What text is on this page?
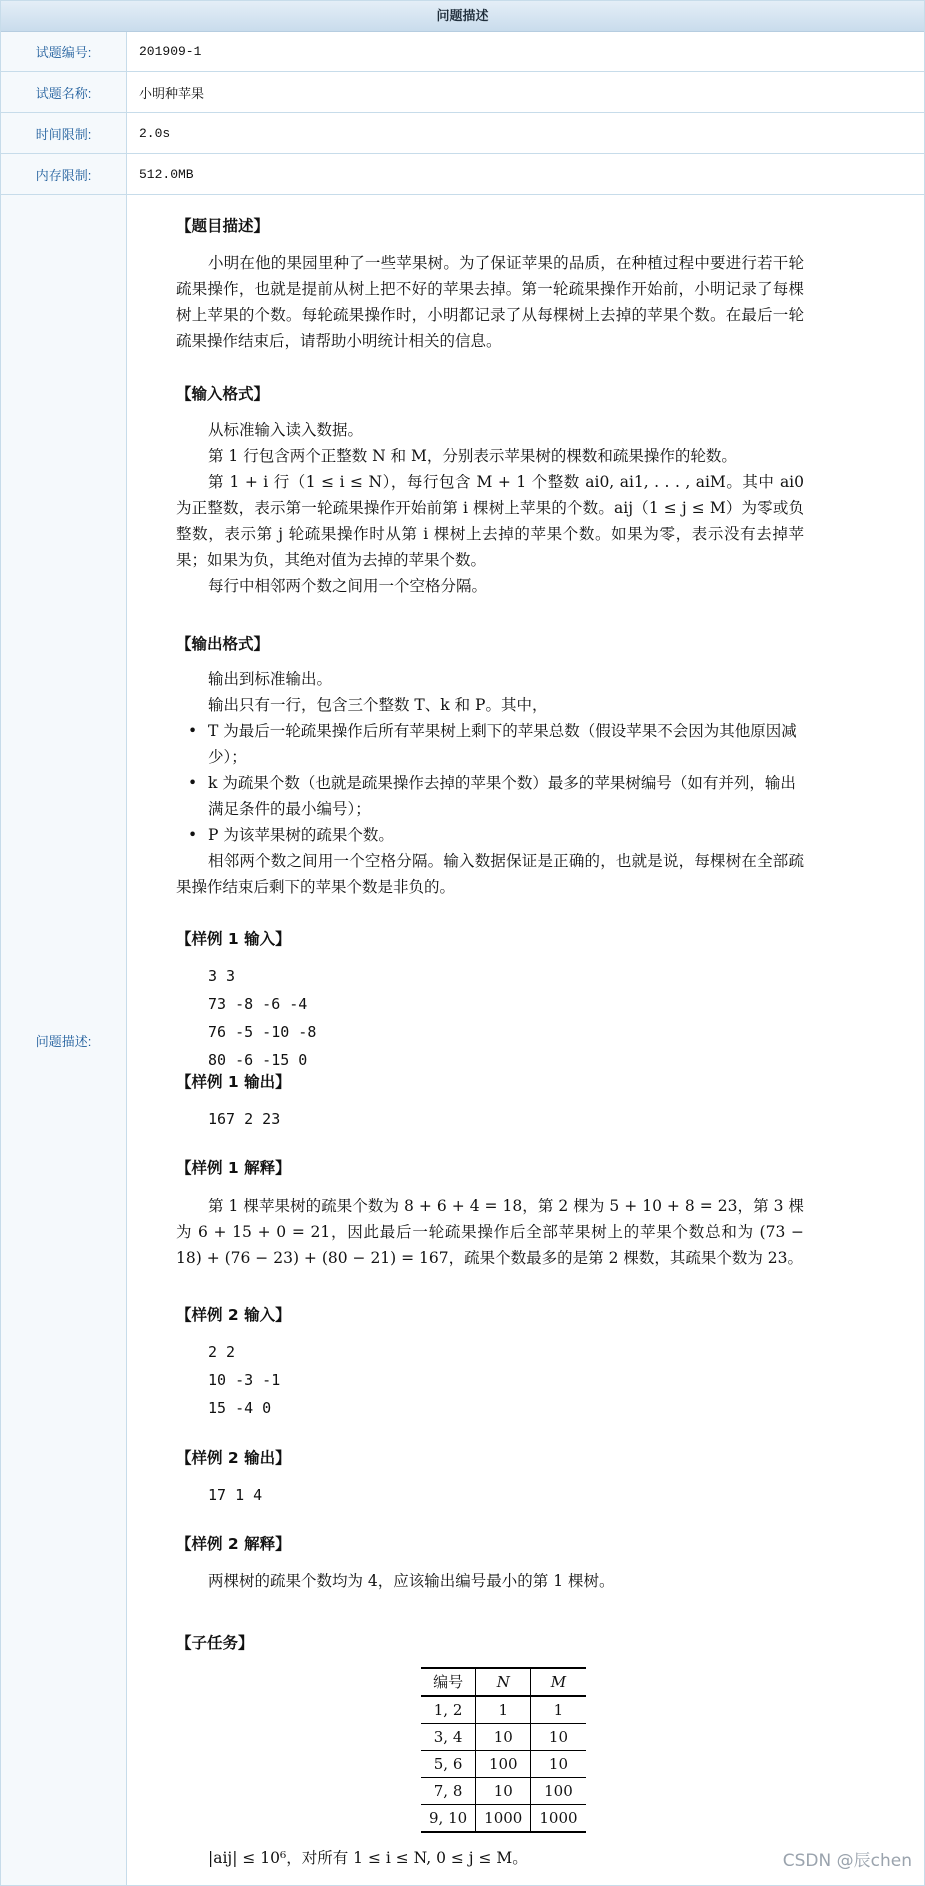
问题描述
试题编号:	201909-1
试题名称:	小明种苹果
时间限制:	2.0s
内存限制:	512.0MB
问题描述:
【题目描述】
小明在他的果园里种了一些苹果树。为了保证苹果的品质，在种植过程中要进行若干轮疏果操作，也就是提前从树上把不好的苹果去掉。第一轮疏果操作开始前，小明记录了每棵树上苹果的个数。每轮疏果操作时，小明都记录了从每棵树上去掉的苹果个数。在最后一轮疏果操作结束后，请帮助小明统计相关的信息。
【输入格式】
从标准输入读入数据。
第 1 行包含两个正整数 N 和 M，分别表示苹果树的棵数和疏果操作的轮数。
第 1 + i 行（1 ≤ i ≤ N），每行包含 M + 1 个整数 ai0, ai1, . . . , aiM。其中 ai0 为正整数，表示第一轮疏果操作开始前第 i 棵树上苹果的个数。aij（1 ≤ j ≤ M）为零或负整数，表示第 j 轮疏果操作时从第 i 棵树上去掉的苹果个数。如果为零，表示没有去掉苹果；如果为负，其绝对值为去掉的苹果个数。
每行中相邻两个数之间用一个空格分隔。
【输出格式】
输出到标准输出。
输出只有一行，包含三个整数 T、k 和 P。其中，
• T 为最后一轮疏果操作后所有苹果树上剩下的苹果总数（假设苹果不会因为其他原因减少）；
• k 为疏果个数（也就是疏果操作去掉的苹果个数）最多的苹果树编号（如有并列，输出满足条件的最小编号）；
• P 为该苹果树的疏果个数。
相邻两个数之间用一个空格分隔。输入数据保证是正确的，也就是说，每棵树在全部疏果操作结束后剩下的苹果个数是非负的。
【样例 1 输入】
3 3
73 -8 -6 -4
76 -5 -10 -8
80 -6 -15 0
【样例 1 输出】
167 2 23
【样例 1 解释】
第 1 棵苹果树的疏果个数为 8 + 6 + 4 = 18，第 2 棵为 5 + 10 + 8 = 23，第 3 棵为 6 + 15 + 0 = 21，因此最后一轮疏果操作后全部苹果树上的苹果个数总和为 (73 − 18) + (76 − 23) + (80 − 21) = 167，疏果个数最多的是第 2 棵数，其疏果个数为 23。
【样例 2 输入】
2 2
10 -3 -1
15 -4 0
【样例 2 输出】
17 1 4
【样例 2 解释】
两棵树的疏果个数均为 4，应该输出编号最小的第 1 棵树。
【子任务】
编号	N	M
1, 2	1	1
3, 4	10	10
5, 6	100	10
7, 8	10	100
9, 10	1000	1000
|aij| ≤ 10⁶，对所有 1 ≤ i ≤ N, 0 ≤ j ≤ M。	CSDN @辰chen
